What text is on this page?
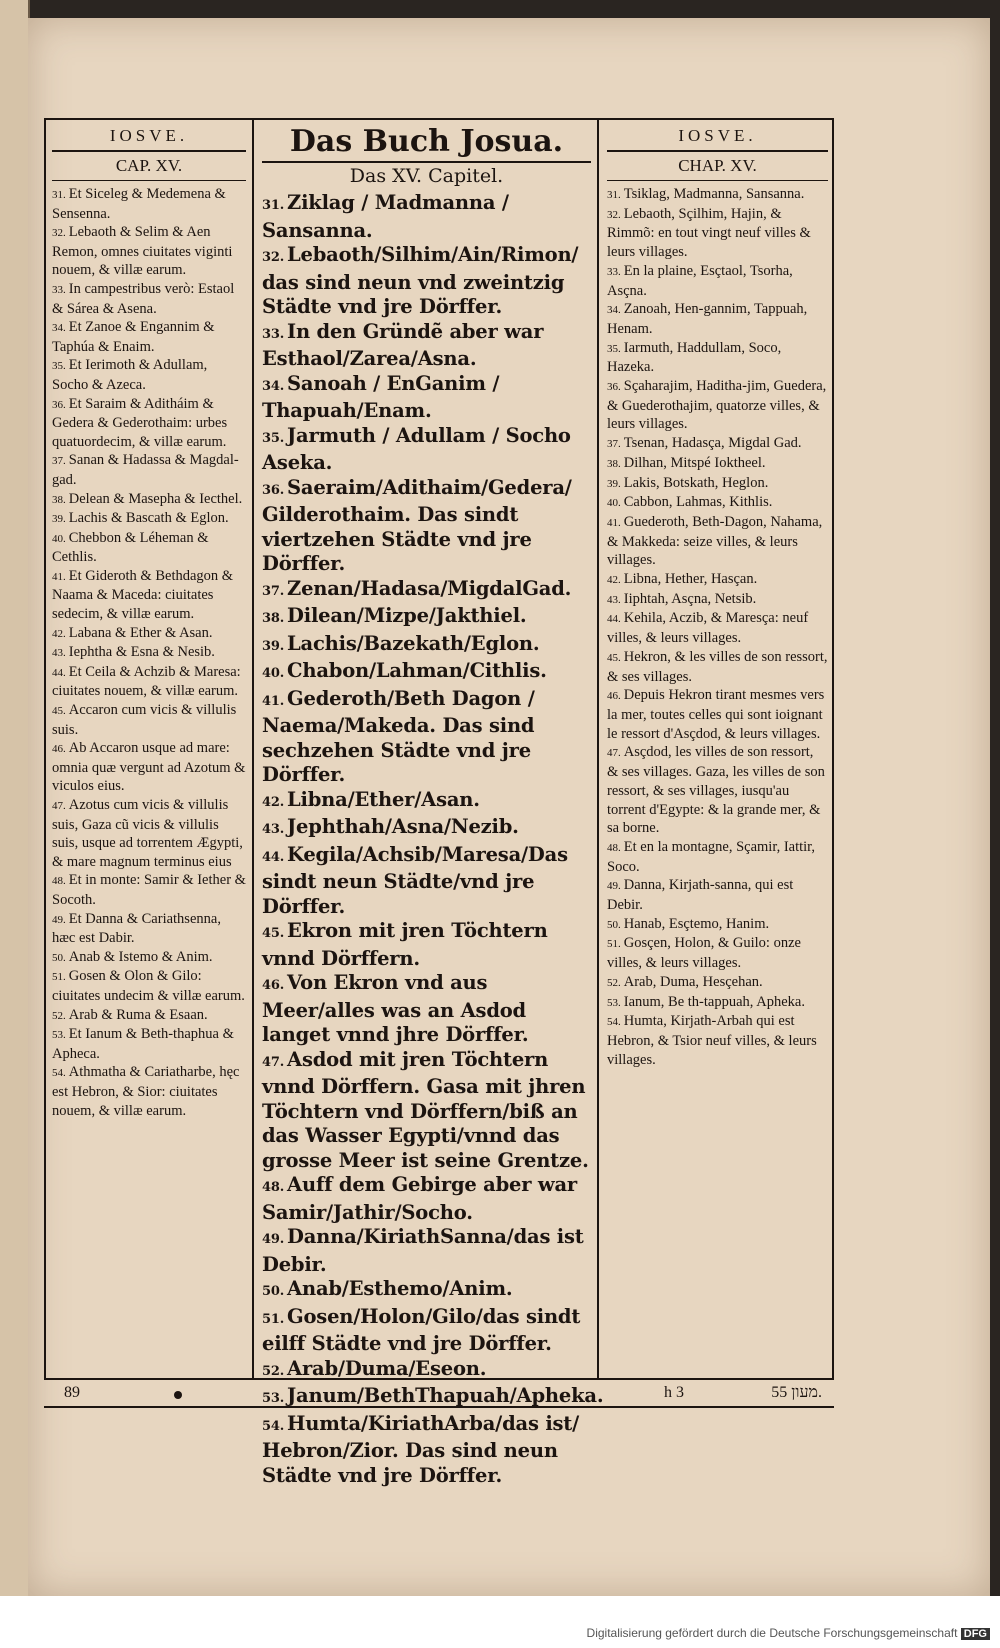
IOSVE.
CAP. XV.

31. Et Siceleg & Medemena & Sensenna.

32. Lebaoth & Selim & Aen Remon, omnes ciuitates viginti nouem, & villæ earum.

33. In campestribus verò: Estaol & Sárea & Asena.

34. Et Zanoe & Engannim & Taphúa & Enaim.

35. Et Ierimoth & Adullam, Socho & Azeca.

36. Et Saraim & Aditháim & Gedera & Gederothaim: urbes quatuordecim, & villæ earum.

37. Sanan & Hadassa & Magdal-gad.

38. Delean & Masepha & Iecthel.

39. Lachis & Bascath & Eglon.

40. Chebbon & Léheman & Cethlis.

41. Et Gideroth & Bethdagon & Naama & Maceda: ciuitates sedecim, & villæ earum.

42. Labana & Ether & Asan.

43. Iephtha & Esna & Nesib.

44. Et Ceila & Achzib & Maresa: ciuitates nouem, & villæ earum.

45. Accaron cum vicis & villulis suis.

46. Ab Accaron usque ad mare: omnia quæ vergunt ad Azotum & viculos eius.

47. Azotus cum vicis & villulis suis, Gaza cũ vicis & villulis suis, usque ad torrentem Ægypti, & mare magnum terminus eius

48. Et in monte: Samir & Iether & Socoth.

49. Et Danna & Cariathsenna, hæc est Dabir.

50. Anab & Istemo & Anim.

51. Gosen & Olon & Gilo: ciuitates undecim & villæ earum.

52. Arab & Ruma & Esaan.

53. Et Ianum & Beth-thaphua & Apheca.

54. Athmatha & Cariatharbe, hęc est Hebron, & Sior: ciuitates nouem, & villæ earum.

Das Buch Josua.
Das XV. Capitel.

31. Ziklag / Madmanna / Sansanna.

32. Lebaoth/Silhim/Ain/Rimon/ das sind neun vnd zweintzig Städte vnd jre Dörffer.

33. In den Gründẽ aber war Esthaol/Zarea/Asna.

34. Sanoah / EnGanim / Thapuah/Enam.

35. Jarmuth / Adullam / Socho Aseka.

36. Saeraim/Adithaim/Gedera/ Gilderothaim. Das sindt viertzehen Städte vnd jre Dörffer.

37. Zenan/Hadasa/MigdalGad.

38. Dilean/Mizpe/Jakthiel.

39. Lachis/Bazekath/Eglon.

40. Chabon/Lahman/Cithlis.

41. Gederoth/Beth Dagon / Naema/Makeda. Das sind sechzehen Städte vnd jre Dörffer.

42. Libna/Ether/Asan.

43. Jephthah/Asna/Nezib.

44. Kegila/Achsib/Maresa/Das sindt neun Städte/vnd jre Dörffer.

45. Ekron mit jren Töchtern vnnd Dörffern.

46. Von Ekron vnd aus Meer/alles was an Asdod langet vnnd jhre Dörffer.

47. Asdod mit jren Töchtern vnnd Dörffern. Gasa mit jhren Töchtern vnd Dörffern/biß an das Wasser Egypti/vnnd das grosse Meer ist seine Grentze.

48. Auff dem Gebirge aber war Samir/Jathir/Socho.

49. Danna/KiriathSanna/das ist Debir.

50. Anab/Esthemo/Anim.

51. Gosen/Holon/Gilo/das sindt eilff Städte vnd jre Dörffer.

52. Arab/Duma/Eseon.

53. Janum/BethThapuah/Apheka.

54. Humta/KiriathArba/das ist/ Hebron/Zior. Das sind neun Städte vnd jre Dörffer.

IOSVE.
CHAP. XV.

31. Tsiklag, Madmanna, Sansanna.

32. Lebaoth, Sçilhim, Hajin, & Rimmõ: en tout vingt neuf villes & leurs villages.

33. En la plaine, Esçtaol, Tsorha, Asçna.

34. Zanoah, Hen-gannim, Tappuah, Henam.

35. Iarmuth, Haddullam, Soco, Hazeka.

36. Sçaharajim, Haditha-jim, Guedera, & Guederothajim, quatorze villes, & leurs villages.

37. Tsenan, Hadasça, Migdal Gad.

38. Dilhan, Mitspé Ioktheel.

39. Lakis, Botskath, Heglon.

40. Cabbon, Lahmas, Kithlis.

41. Guederoth, Beth-Dagon, Nahama, & Makkeda: seize villes, & leurs villages.

42. Libna, Hether, Hasçan.

43. Iiphtah, Asçna, Netsib.

44. Kehila, Aczib, & Maresça: neuf villes, & leurs villages.

45. Hekron, & les villes de son ressort, & ses villages.

46. Depuis Hekron tirant mesmes vers la mer, toutes celles qui sont ioignant le ressort d'Asçdod, & leurs villages.

47. Asçdod, les villes de son ressort, & ses villages. Gaza, les villes de son ressort, & ses villages, iusqu'au torrent d'Egypte: & la grande mer, & sa borne.

48. Et en la montagne, Sçamir, Iattir, Soco.

49. Danna, Kirjath-sanna, qui est Debir.

50. Hanab, Esçtemo, Hanim.

51. Gosçen, Holon, & Guilo: onze villes, & leurs villages.

52. Arab, Duma, Hesçehan.

53. Ianum, Be th-tappuah, Apheka.

54. Humta, Kirjath-Arbah qui est Hebron, & Tsior neuf villes, & leurs villages.

89	h 3	מעון 55.
Digitalisierung gefördert durch die Deutsche Forschungsgemeinschaft DFG
